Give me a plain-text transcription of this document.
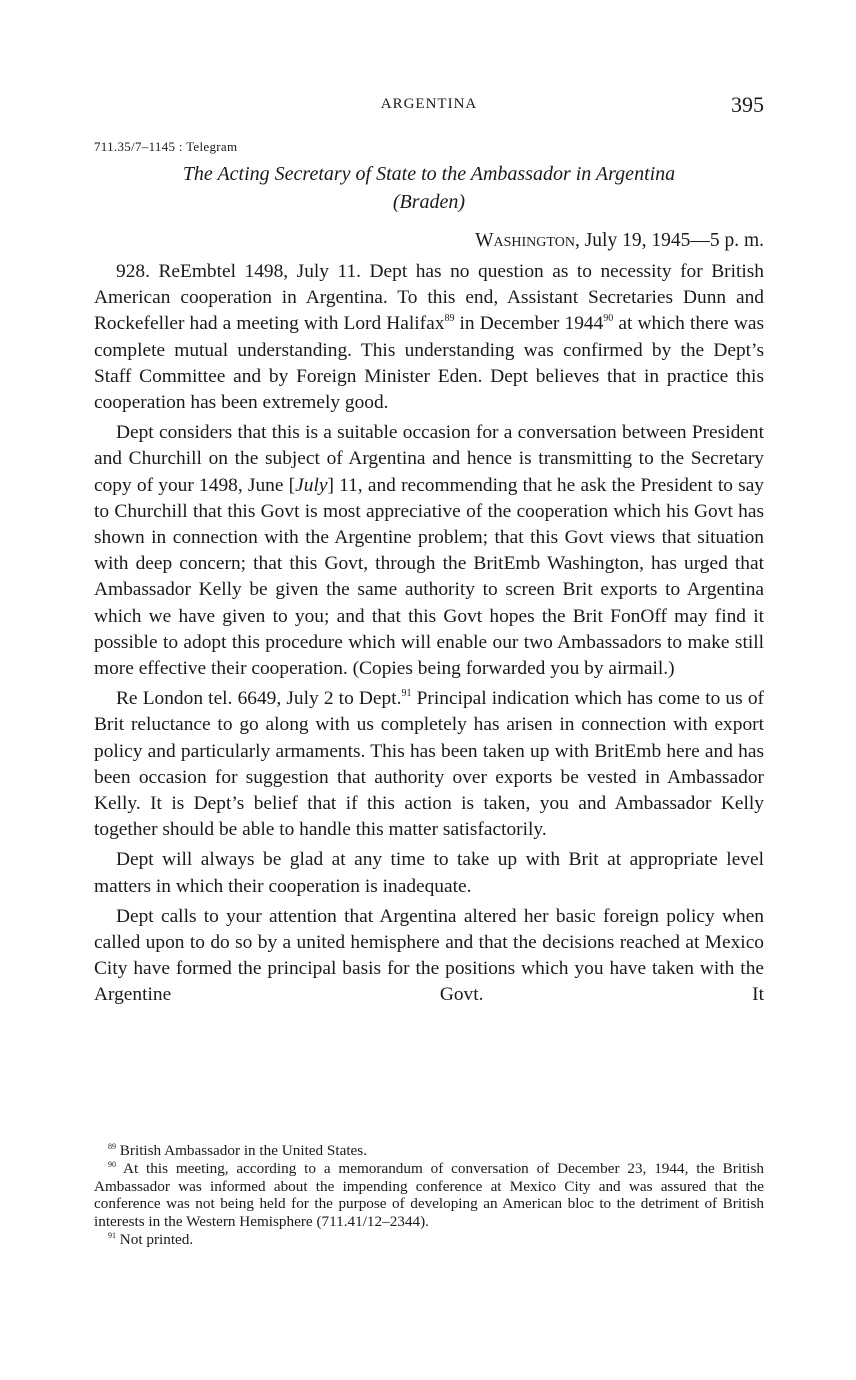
ARGENTINA	395
711.35/7–1145 : Telegram
The Acting Secretary of State to the Ambassador in Argentina
(Braden)
Washington, July 19, 1945—5 p. m.

928. ReEmbtel 1498, July 11. Dept has no question as to necessity for British American cooperation in Argentina. To this end, Assistant Secretaries Dunn and Rockefeller had a meeting with Lord Halifax$^{89}$ in December 1944$^{90}$ at which there was complete mutual understanding. This understanding was confirmed by the Dept’s Staff Committee and by Foreign Minister Eden. Dept believes that in practice this cooperation has been extremely good.

Dept considers that this is a suitable occasion for a conversation between President and Churchill on the subject of Argentina and hence is transmitting to the Secretary copy of your 1498, June [July] 11, and recommending that he ask the President to say to Churchill that this Govt is most appreciative of the cooperation which his Govt has shown in connection with the Argentine problem; that this Govt views that situation with deep concern; that this Govt, through the BritEmb Washington, has urged that Ambassador Kelly be given the same authority to screen Brit exports to Argentina which we have given to you; and that this Govt hopes the Brit FonOff may find it possible to adopt this procedure which will enable our two Ambassadors to make still more effective their cooperation. (Copies being forwarded you by airmail.)

Re London tel. 6649, July 2 to Dept.$^{91}$ Principal indication which has come to us of Brit reluctance to go along with us completely has arisen in connection with export policy and particularly armaments. This has been taken up with BritEmb here and has been occasion for suggestion that authority over exports be vested in Ambassador Kelly. It is Dept’s belief that if this action is taken, you and Ambassador Kelly together should be able to handle this matter satisfactorily.

Dept will always be glad at any time to take up with Brit at appropriate level matters in which their cooperation is inadequate.

Dept calls to your attention that Argentina altered her basic foreign policy when called upon to do so by a united hemisphere and that the decisions reached at Mexico City have formed the principal basis for the positions which you have taken with the Argentine Govt. It

$^{89}$ British Ambassador in the United States.

$^{90}$ At this meeting, according to a memorandum of conversation of December 23, 1944, the British Ambassador was informed about the impending conference at Mexico City and was assured that the conference was not being held for the purpose of developing an American bloc to the detriment of British interests in the Western Hemisphere (711.41/12–2344).

$^{91}$ Not printed.
